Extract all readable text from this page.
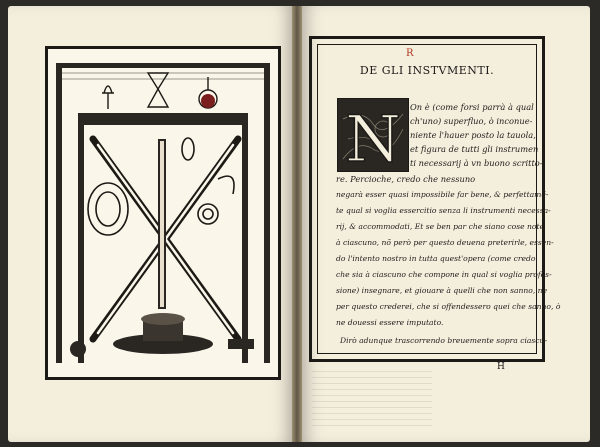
R
DE GLI INSTVMENTI.
N On è (come forsi parrà à qual
ch'uno) superfluo, ò inconue-
niente l'hauer posto la tauola,
et figura de tutti gli instrumen
ti necessarij à vn buono scritto-
re. Percioche, credo che nessuno
negarà esser quasi impossibile far bene, & perfettamẽ-
te qual si voglia essercitio senza li instrumenti necessa-
rij, & accommodati, Et se ben par che siano cose note
à ciascuno, nõ però per questo deuena preterirle, essen-
do l'intento nostro in tutta quest'opera (come credo
che sia à ciascuno che compone in qual si voglia profes-
sione) insegnare, et giouare à quelli che non sanno, ne
per questo crederei, che si offendessero quei che sanno, ò
ne douessi essere imputato.
Dirò adunque trascorrendo breuemente sopra ciascu-
H
